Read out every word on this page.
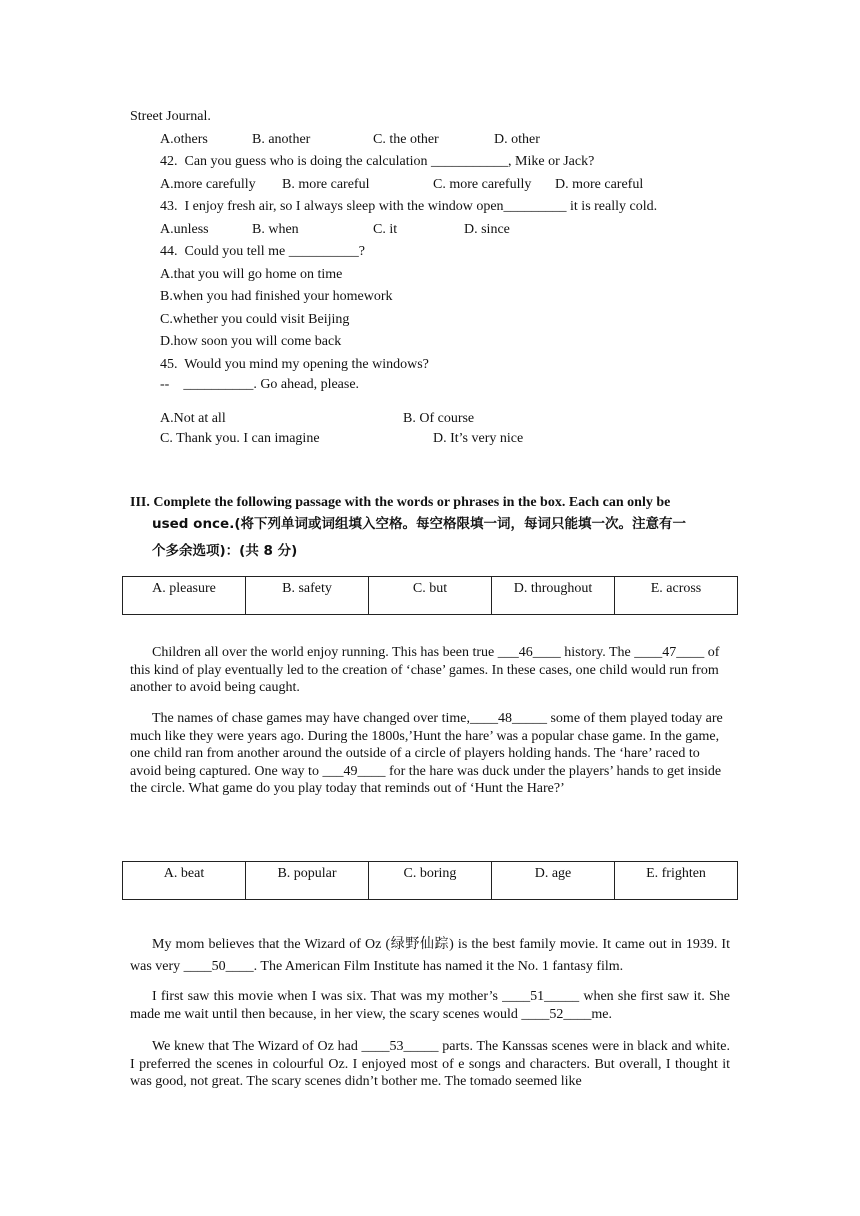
Street Journal.
A.others	B. another	C. the other	D. other
42.  Can you guess who is doing the calculation ___________, Mike or Jack?
A.more carefully B. more careful	C. more carefully D. more careful
43.  I enjoy fresh air, so I always sleep with the window open_________ it is really cold.
A.unless	B. when	C. it	D. since
44.  Could you tell me __________?
A.that you will go home on time
B.when you had finished your homework
C.whether you could visit Beijing
D.how soon you will come back
45.  Would you mind my opening the windows?
--    __________. Go ahead, please.
A.Not at all	B. Of course
C. Thank you. I can imagine	D. It’s very nice
III. Complete the following passage with the words or phrases in the box. Each can only be
used once.(将下列单词或词组填入空格。每空格限填一词，每词只能填一次。注意有一
个多余选项)：(共 8 分)
A. pleasure	B. safety	C. but	D. throughout	E. across
Children all over the world enjoy running. This has been true ___46____ history. The ____47____ of this kind of play eventually led to the creation of ‘chase’ games. In these cases, one child would run from another to avoid being caught.
The names of chase games may have changed over time,____48_____ some of them played today are much like they were years ago. During the 1800s,’Hunt the hare’ was a popular chase game. In the game, one child ran from another around the outside of a circle of players holding hands. The ‘hare’ raced to avoid being captured. One way to ___49____ for the hare was duck under the players’ hands to get inside the circle. What game do you play today that reminds out of ‘Hunt the Hare?’
A. beat	B. popular	C. boring	D. age	E. frighten
My mom believes that the Wizard of Oz (绿野仙踪) is the best family movie. It came out in 1939. It was very ____50____. The American Film Institute has named it the No. 1 fantasy film.
I first saw this movie when I was six. That was my mother’s ____51_____ when she first saw it. She made me wait until then because, in her view, the scary scenes would ____52____me.
We knew that The Wizard of Oz had ____53_____ parts. The Kanssas scenes were in black and white. I preferred the scenes in colourful Oz. I enjoyed most of e songs and characters. But overall, I thought it was good, not great. The scary scenes didn’t bother me. The tomado seemed like
